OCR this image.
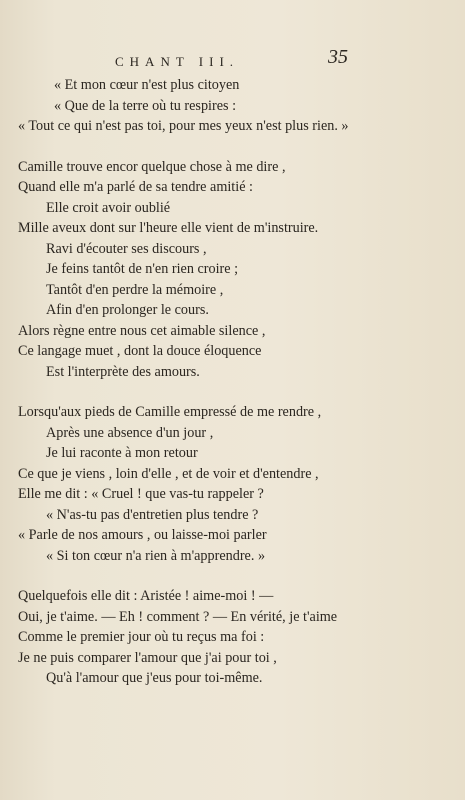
CHANT III.	35
« Et mon cœur n'est plus citoyen
« Que de la terre où tu respires :
« Tout ce qui n'est pas toi, pour mes yeux n'est plus rien. »
Camille trouve encor quelque chose à me dire ,
Quand elle m'a parlé de sa tendre amitié :
Elle croit avoir oublié
Mille aveux dont sur l'heure elle vient de m'instruire.
Ravi d'écouter ses discours ,
Je feins tantôt de n'en rien croire ;
Tantôt d'en perdre la mémoire ,
Afin d'en prolonger le cours.
Alors règne entre nous cet aimable silence ,
Ce langage muet , dont la douce éloquence
Est l'interprète des amours.
Lorsqu'aux pieds de Camille empressé de me rendre ,
Après une absence d'un jour ,
Je lui raconte à mon retour
Ce que je viens , loin d'elle , et de voir et d'entendre ,
Elle me dit : « Cruel ! que vas-tu rappeler ?
« N'as-tu pas d'entretien plus tendre ?
« Parle de nos amours , ou laisse-moi parler
« Si ton cœur n'a rien à m'apprendre. »
Quelquefois elle dit : Aristée ! aime-moi ! —
Oui, je t'aime. — Eh ! comment ? — En vérité, je t'aime
Comme le premier jour où tu reçus ma foi :
Je ne puis comparer l'amour que j'ai pour toi ,
Qu'à l'amour que j'eus pour toi-même.
